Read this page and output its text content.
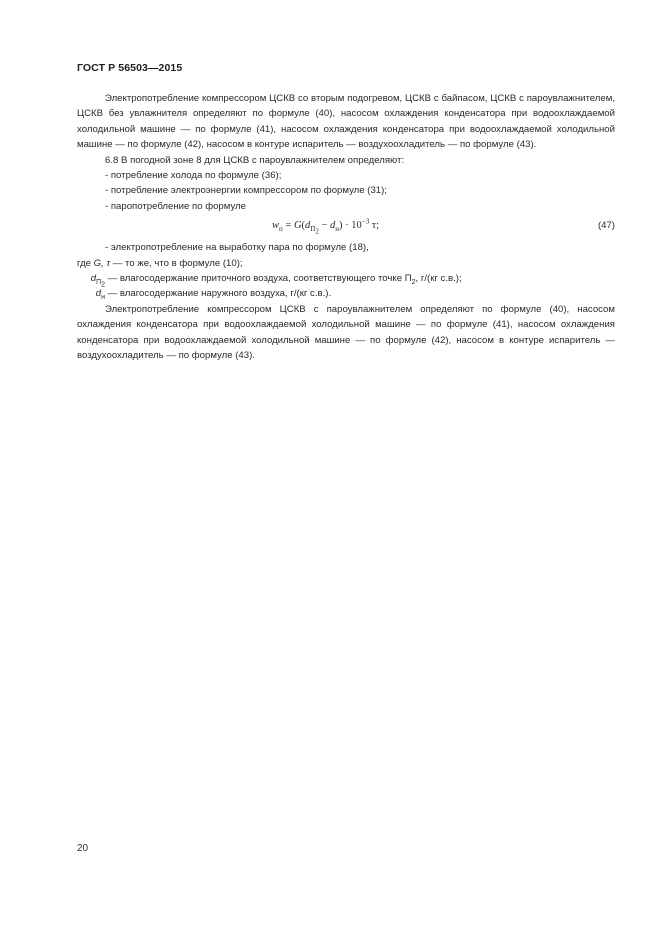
ГОСТ Р 56503—2015

Электропотребление компрессором ЦСКВ со вторым подогревом, ЦСКВ с байпасом, ЦСКВ с пароувлажнителем, ЦСКВ без увлажнителя определяют по формуле (40), насосом охлаждения конденсатора при водоохлаждаемой холодильной машине — по формуле (41), насосом охлаждения конденсатора при водоохлаждаемой холодильной машине — по формуле (42), насосом в контуре испаритель — воздухоохладитель — по формуле (43).

6.8 В погодной зоне 8 для ЦСКВ с пароувлажнителем определяют:

- потребление холода по формуле (36);

- потребление электроэнергии компрессором по формуле (31);

- паропотребление по формуле

$w_п = G(d_{П_2} - d_н) \cdot 10^{-3}$ τ;	(47)

- электропотребление на выработку пара по формуле (18),

где G, τ — то же, что в формуле (10);

$d_{П_2}$ — влагосодержание приточного воздуха, соответствующего точке $П_2$, г/(кг с.в.);

$d_н$ — влагосодержание наружного воздуха, г/(кг с.в.).

Электропотребление компрессором ЦСКВ с пароувлажнителем определяют по формуле (40), насосом охлаждения конденсатора при водоохлаждаемой холодильной машине — по формуле (41), насосом охлаждения конденсатора при водоохлаждаемой холодильной машине — по формуле (42), насосом в контуре испаритель — воздухоохладитель — по формуле (43).

20
